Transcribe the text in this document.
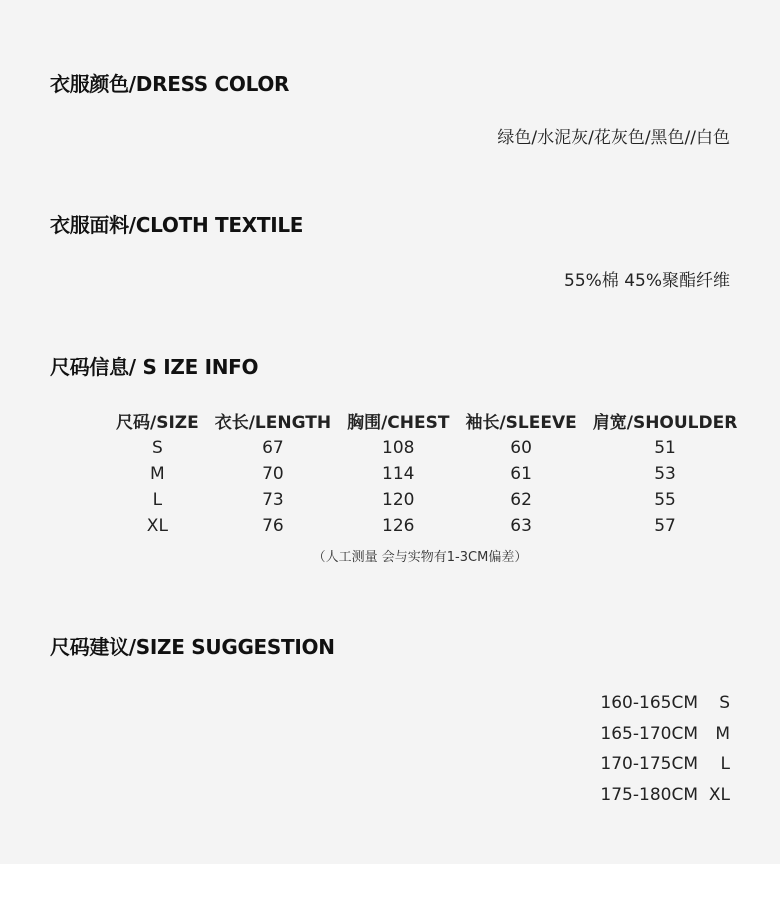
衣服颜色/DRESS COLOR
绿色/水泥灰/花灰色/黑色//白色
衣服面料/CLOTH TEXTILE
55%棉 45%聚酯纤维
尺码信息/ S IZE INFO
尺码/SIZE	衣长/LENGTH	胸围/CHEST	袖长/SLEEVE	肩宽/SHOULDER
S	67	108	60	51
M	70	114	61	53
L	73	120	62	55
XL	76	126	63	57
（人工测量 会与实物有1-3CM偏差）
尺码建议/SIZE SUGGESTION
160-165CM	S
165-170CM	M
170-175CM	L
175-180CM XL
